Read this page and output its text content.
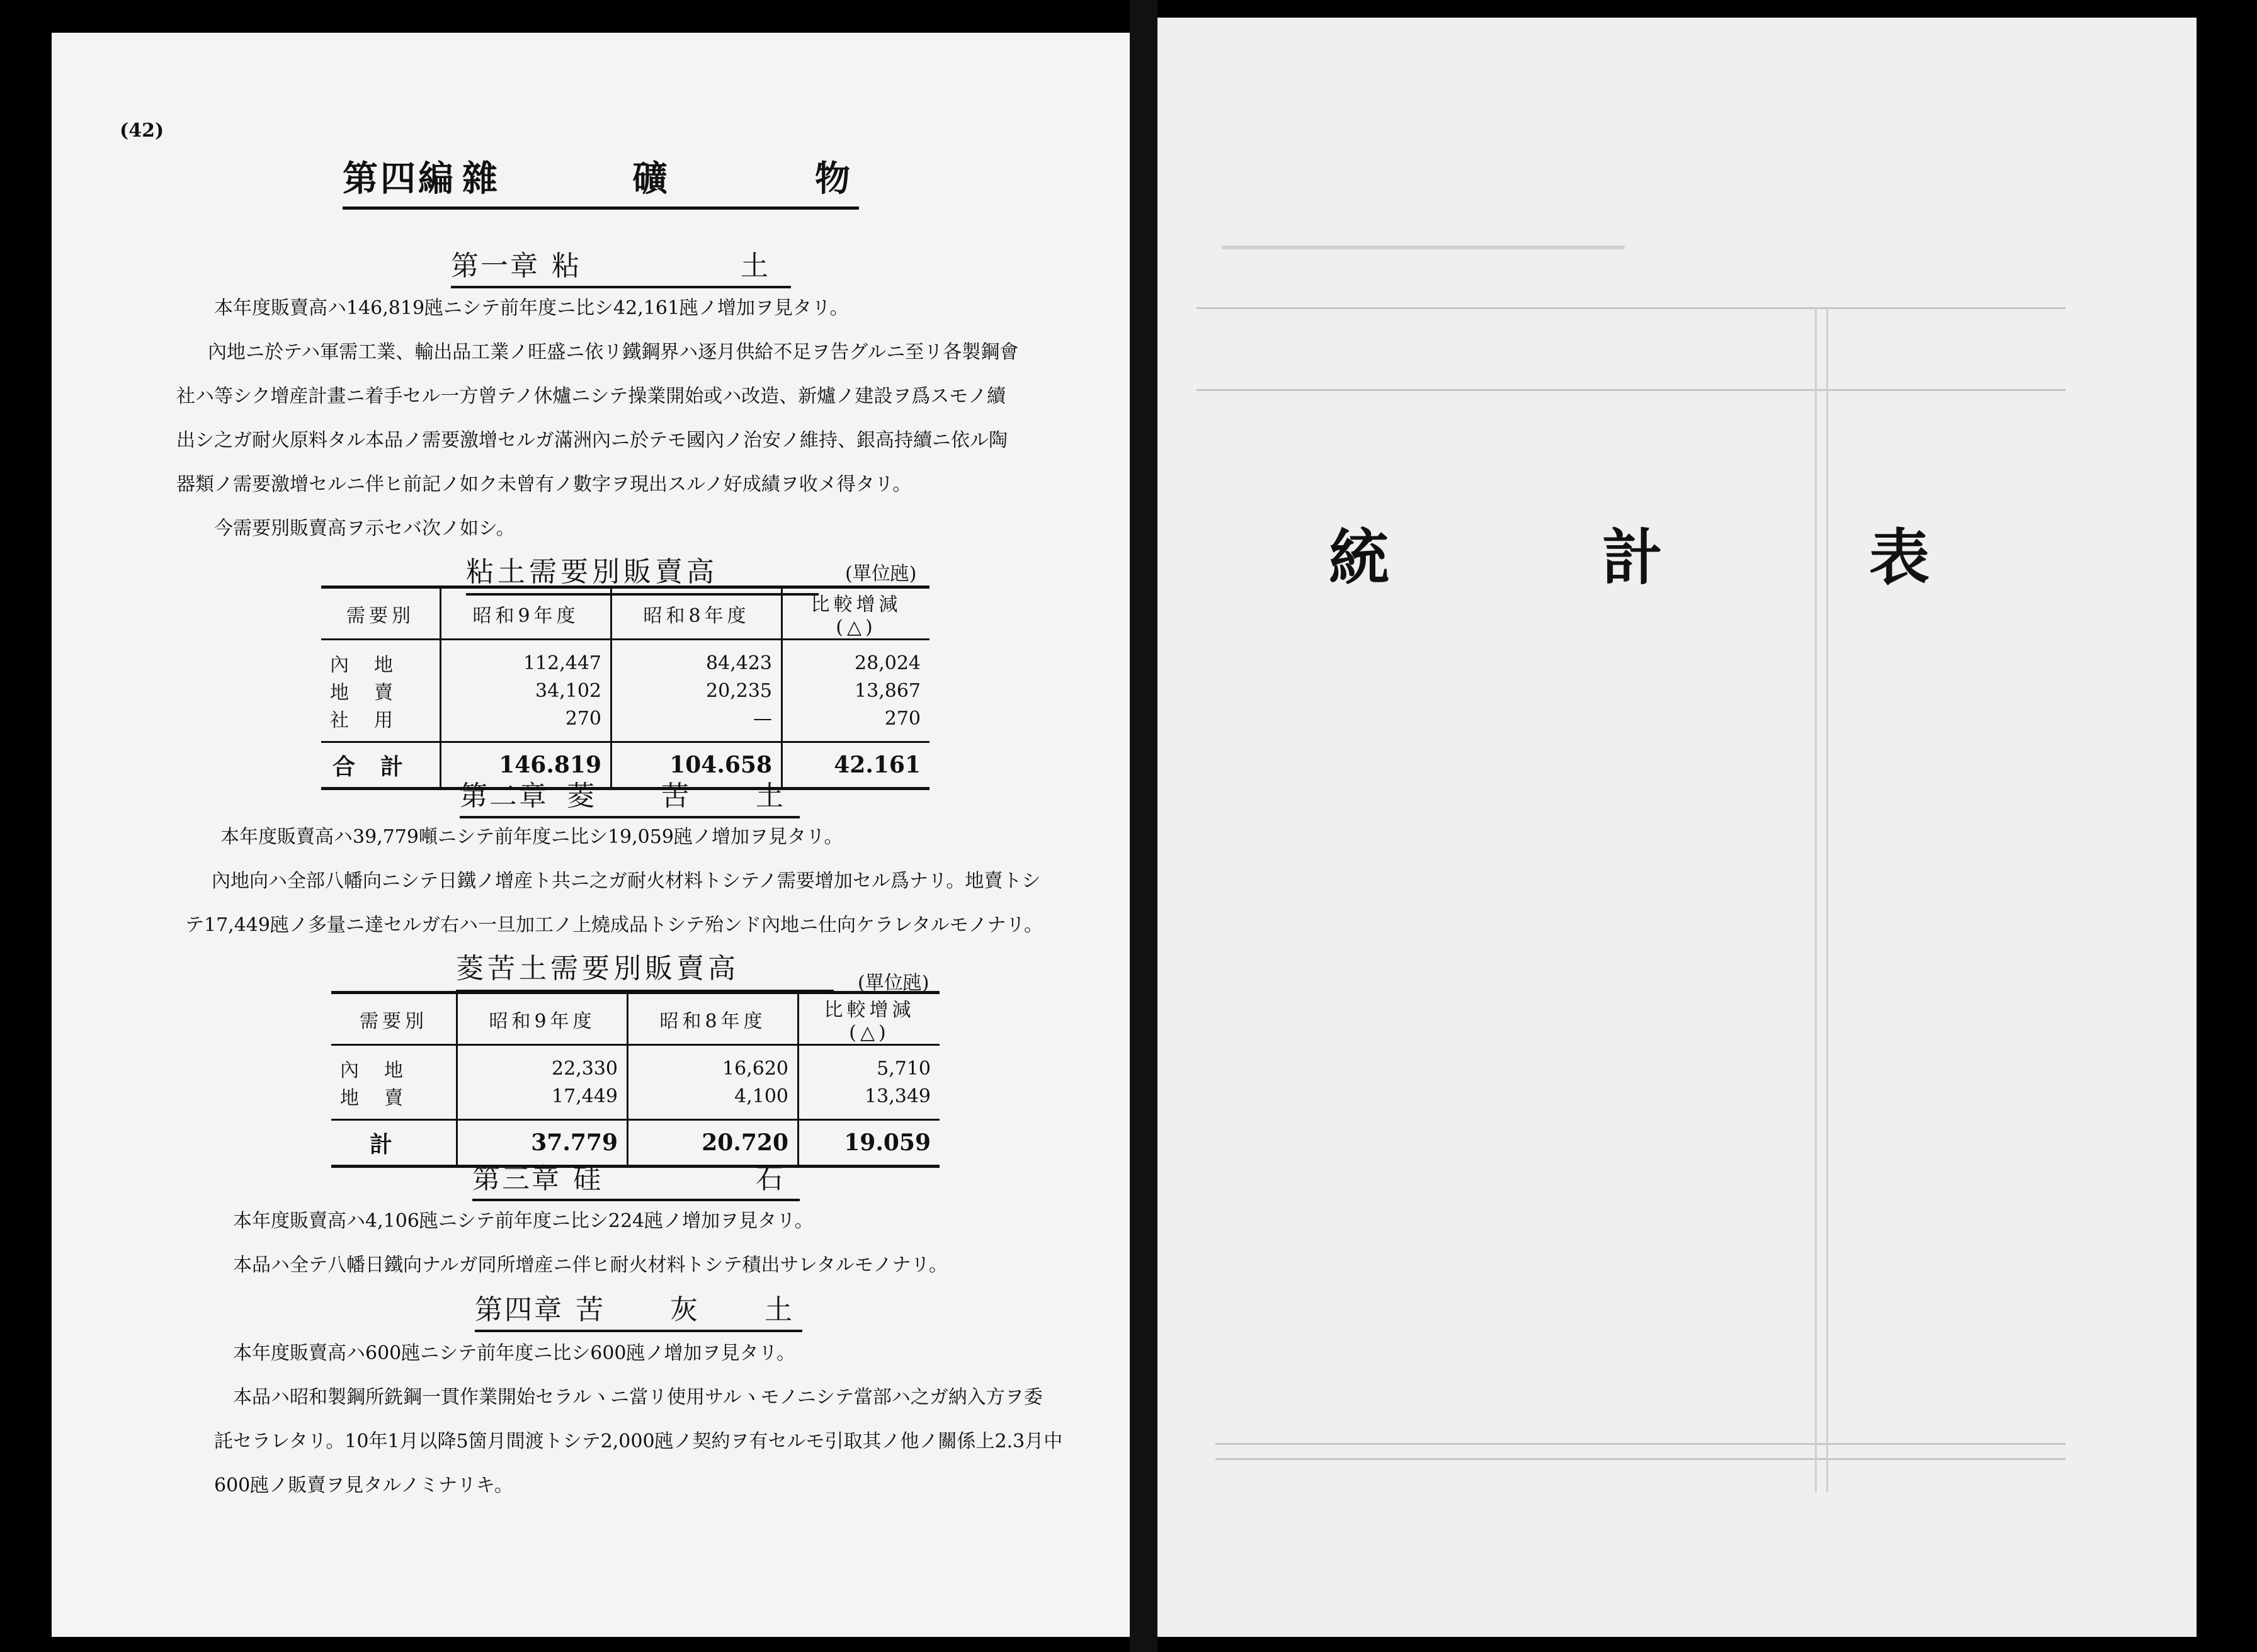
(42)
第四編 雜	礦	物
第一章 粘	土
本年度販賣高ハ146,819瓲ニシテ前年度ニ比シ42,161瓲ノ增加ヲ見タリ。
內地ニ於テハ軍需工業、輸出品工業ノ旺盛ニ依リ鐵鋼界ハ逐月供給不足ヲ告グルニ至リ各製鋼會
社ハ等シク增産計畫ニ着手セル一方曾テノ休爐ニシテ操業開始或ハ改造、新爐ノ建設ヲ爲スモノ續
出シ之ガ耐火原料タル本品ノ需要激增セルガ滿洲內ニ於テモ國內ノ治安ノ維持、銀高持續ニ依ル陶
器類ノ需要激增セルニ伴ヒ前記ノ如ク未曾有ノ數字ヲ現出スルノ好成績ヲ收メ得タリ。
今需要別販賣高ヲ示セバ次ノ如シ。
粘土需要別販賣高	(單位瓲)
需要別	昭和9年度	昭和8年度	比較增減(△)
內地	112,447	84,423	28,024
地賣	34,102	20,235	13,867
社用	270	—	270
合計	146.819	104.658	42.161
第二章 菱 苦 土
本年度販賣高ハ39,779噸ニシテ前年度ニ比シ19,059瓲ノ增加ヲ見タリ。
內地向ハ全部八幡向ニシテ日鐵ノ增産ト共ニ之ガ耐火材料トシテノ需要增加セル爲ナリ。地賣トシ
テ17,449瓲ノ多量ニ達セルガ右ハ一旦加工ノ上燒成品トシテ殆ンド內地ニ仕向ケラレタルモノナリ。
菱苦土需要別販賣高	(單位瓲)
需要別	昭和9年度	昭和8年度	比較增減(△)
內地	22,330	16,620	5,710
地賣	17,449	4,100	13,349
計	37.779	20.720	19.059
第三章 硅	石
本年度販賣高ハ4,106瓲ニシテ前年度ニ比シ224瓲ノ增加ヲ見タリ。
本品ハ全テ八幡日鐵向ナルガ同所增産ニ伴ヒ耐火材料トシテ積出サレタルモノナリ。
第四章 苦 灰 土
本年度販賣高ハ600瓲ニシテ前年度ニ比シ600瓲ノ增加ヲ見タリ。
本品ハ昭和製鋼所銑鋼一貫作業開始セラルヽニ當リ使用サルヽモノニシテ當部ハ之ガ納入方ヲ委
託セラレタリ。10年1月以降5箇月間渡トシテ2,000瓲ノ契約ヲ有セルモ引取其ノ他ノ關係上2.3月中
600瓲ノ販賣ヲ見タルノミナリキ。
統	計	表
